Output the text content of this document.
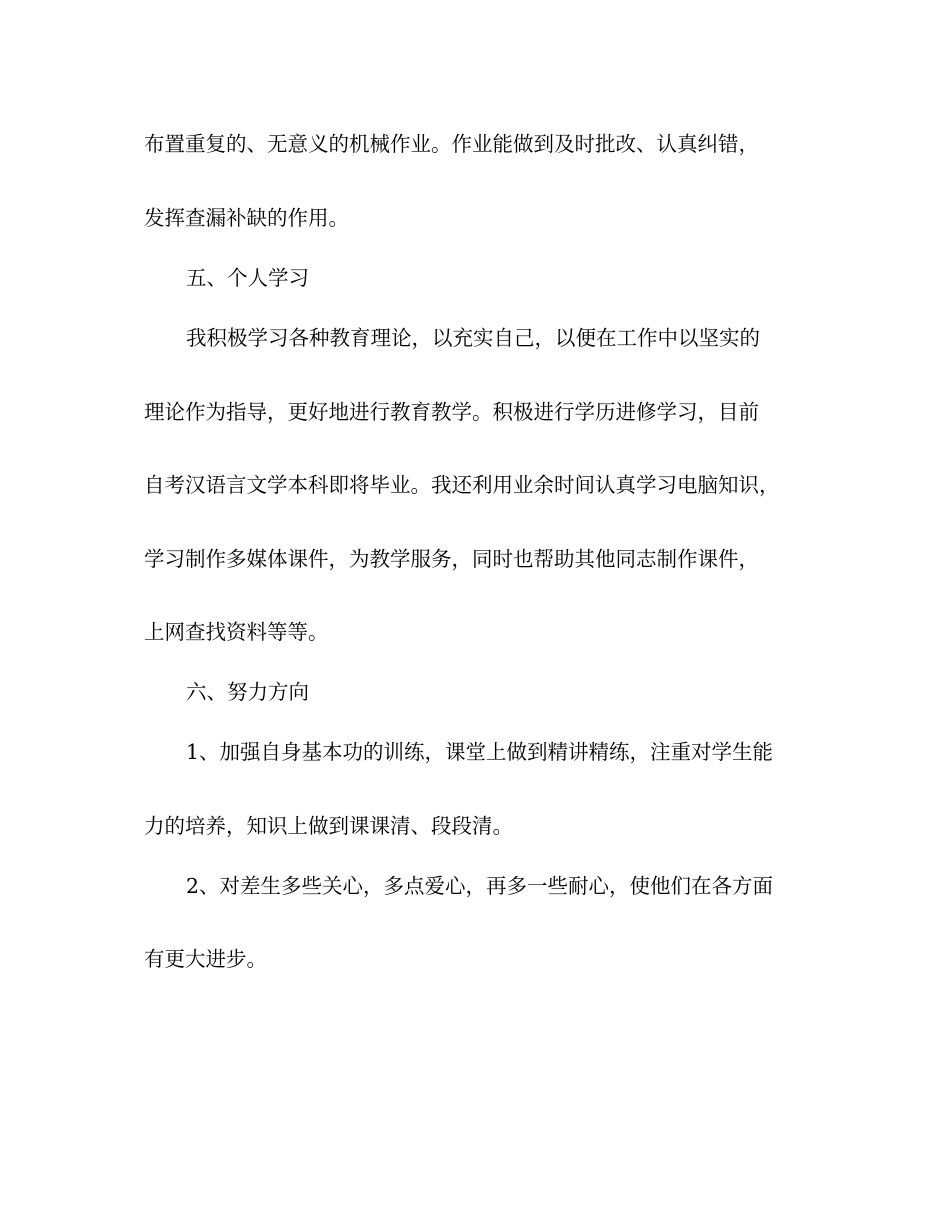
布置重复的、无意义的机械作业。作业能做到及时批改、认真纠错，

发挥查漏补缺的作用。

五、个人学习

我积极学习各种教育理论，以充实自己，以便在工作中以坚实的

理论作为指导，更好地进行教育教学。积极进行学历进修学习，目前

自考汉语言文学本科即将毕业。我还利用业余时间认真学习电脑知识，

学习制作多媒体课件，为教学服务，同时也帮助其他同志制作课件，

上网查找资料等等。

六、努力方向

1、加强自身基本功的训练，课堂上做到精讲精练，注重对学生能

力的培养，知识上做到课课清、段段清。

2、对差生多些关心，多点爱心，再多一些耐心，使他们在各方面

有更大进步。
